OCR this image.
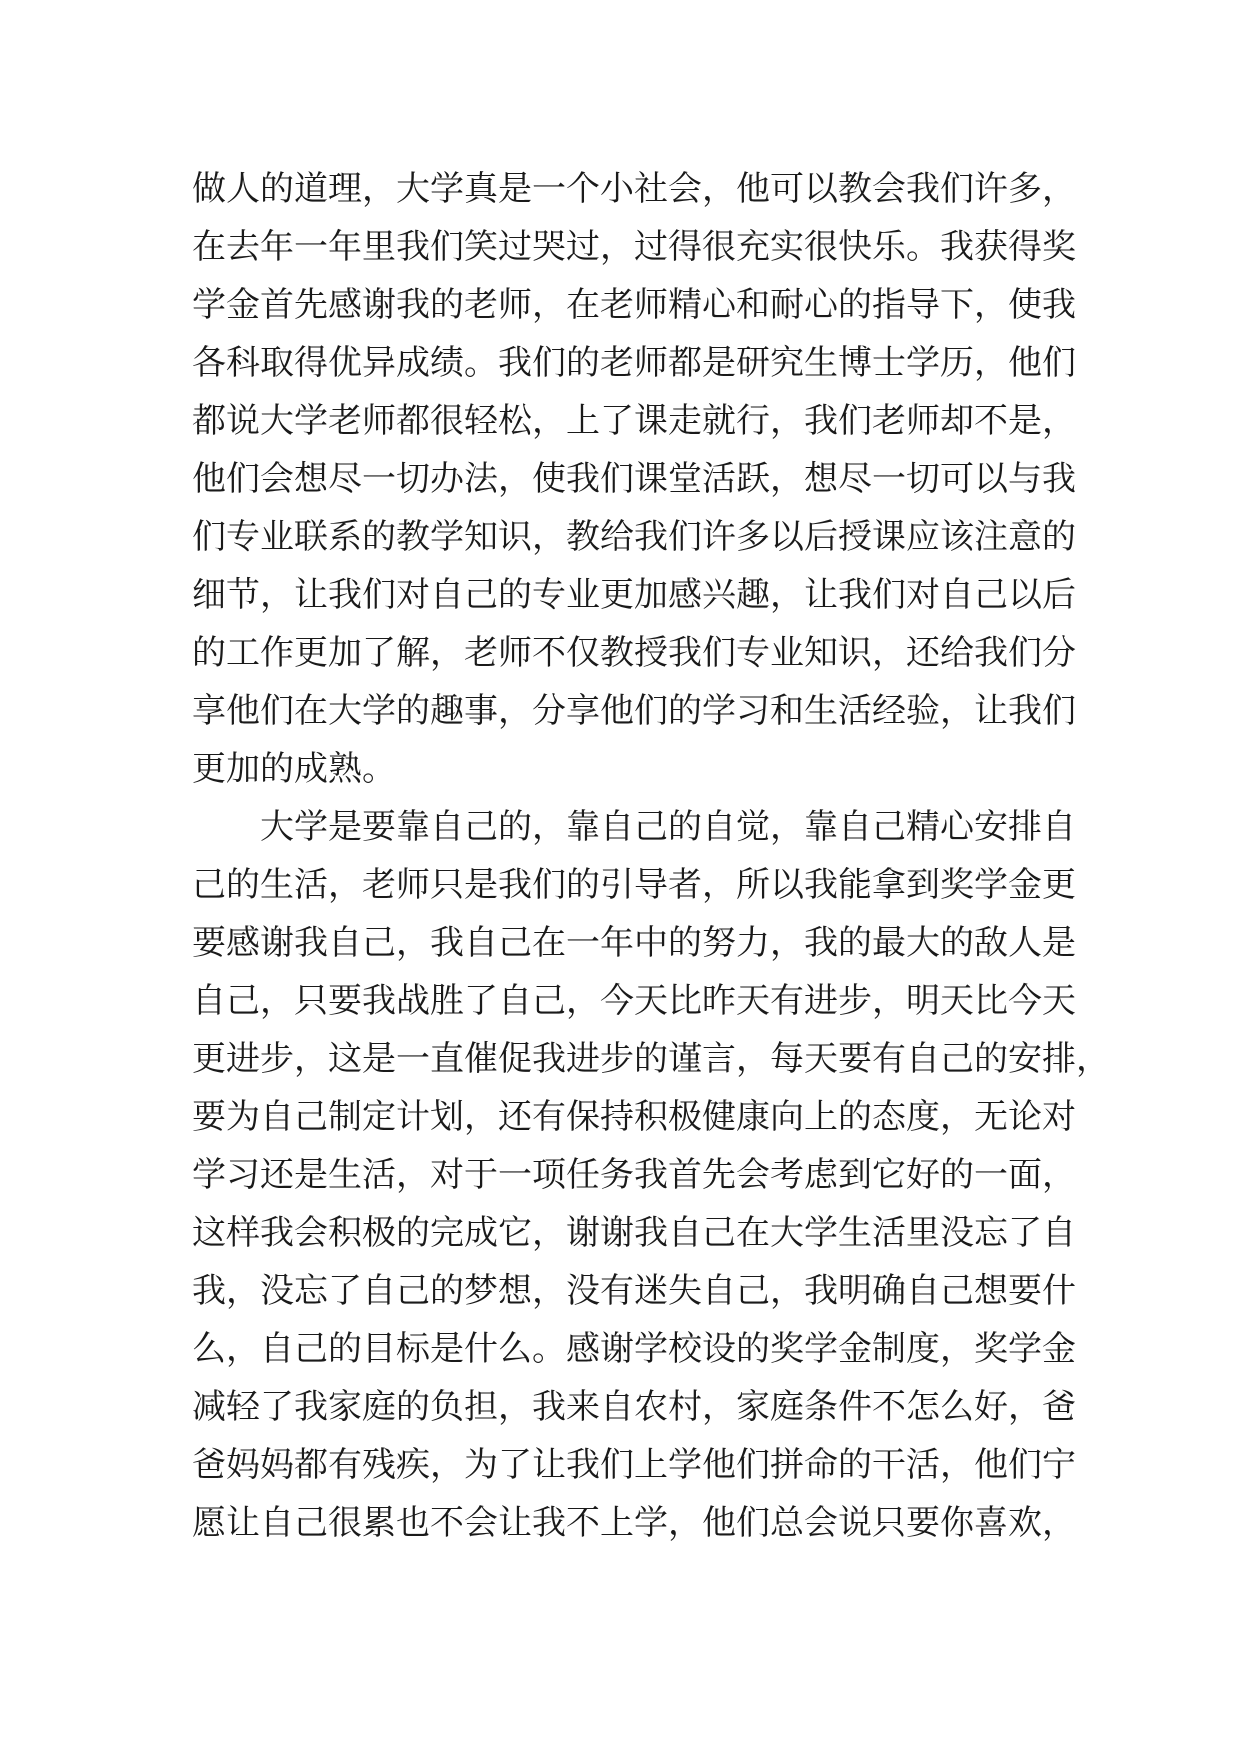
做人的道理，大学真是一个小社会，他可以教会我们许多，
在去年一年里我们笑过哭过，过得很充实很快乐。我获得奖
学金首先感谢我的老师，在老师精心和耐心的指导下，使我
各科取得优异成绩。我们的老师都是研究生博士学历，他们
都说大学老师都很轻松，上了课走就行，我们老师却不是，
他们会想尽一切办法，使我们课堂活跃，想尽一切可以与我
们专业联系的教学知识，教给我们许多以后授课应该注意的
细节，让我们对自己的专业更加感兴趣，让我们对自己以后
的工作更加了解，老师不仅教授我们专业知识，还给我们分
享他们在大学的趣事，分享他们的学习和生活经验，让我们
更加的成熟。
大学是要靠自己的，靠自己的自觉，靠自己精心安排自
己的生活，老师只是我们的引导者，所以我能拿到奖学金更
要感谢我自己，我自己在一年中的努力，我的最大的敌人是
自己，只要我战胜了自己，今天比昨天有进步，明天比今天
更进步，这是一直催促我进步的谨言，每天要有自己的安排，
要为自己制定计划，还有保持积极健康向上的态度，无论对
学习还是生活，对于一项任务我首先会考虑到它好的一面，
这样我会积极的完成它，谢谢我自己在大学生活里没忘了自
我，没忘了自己的梦想，没有迷失自己，我明确自己想要什
么，自己的目标是什么。感谢学校设的奖学金制度，奖学金
减轻了我家庭的负担，我来自农村，家庭条件不怎么好，爸
爸妈妈都有残疾，为了让我们上学他们拼命的干活，他们宁
愿让自己很累也不会让我不上学，他们总会说只要你喜欢，
